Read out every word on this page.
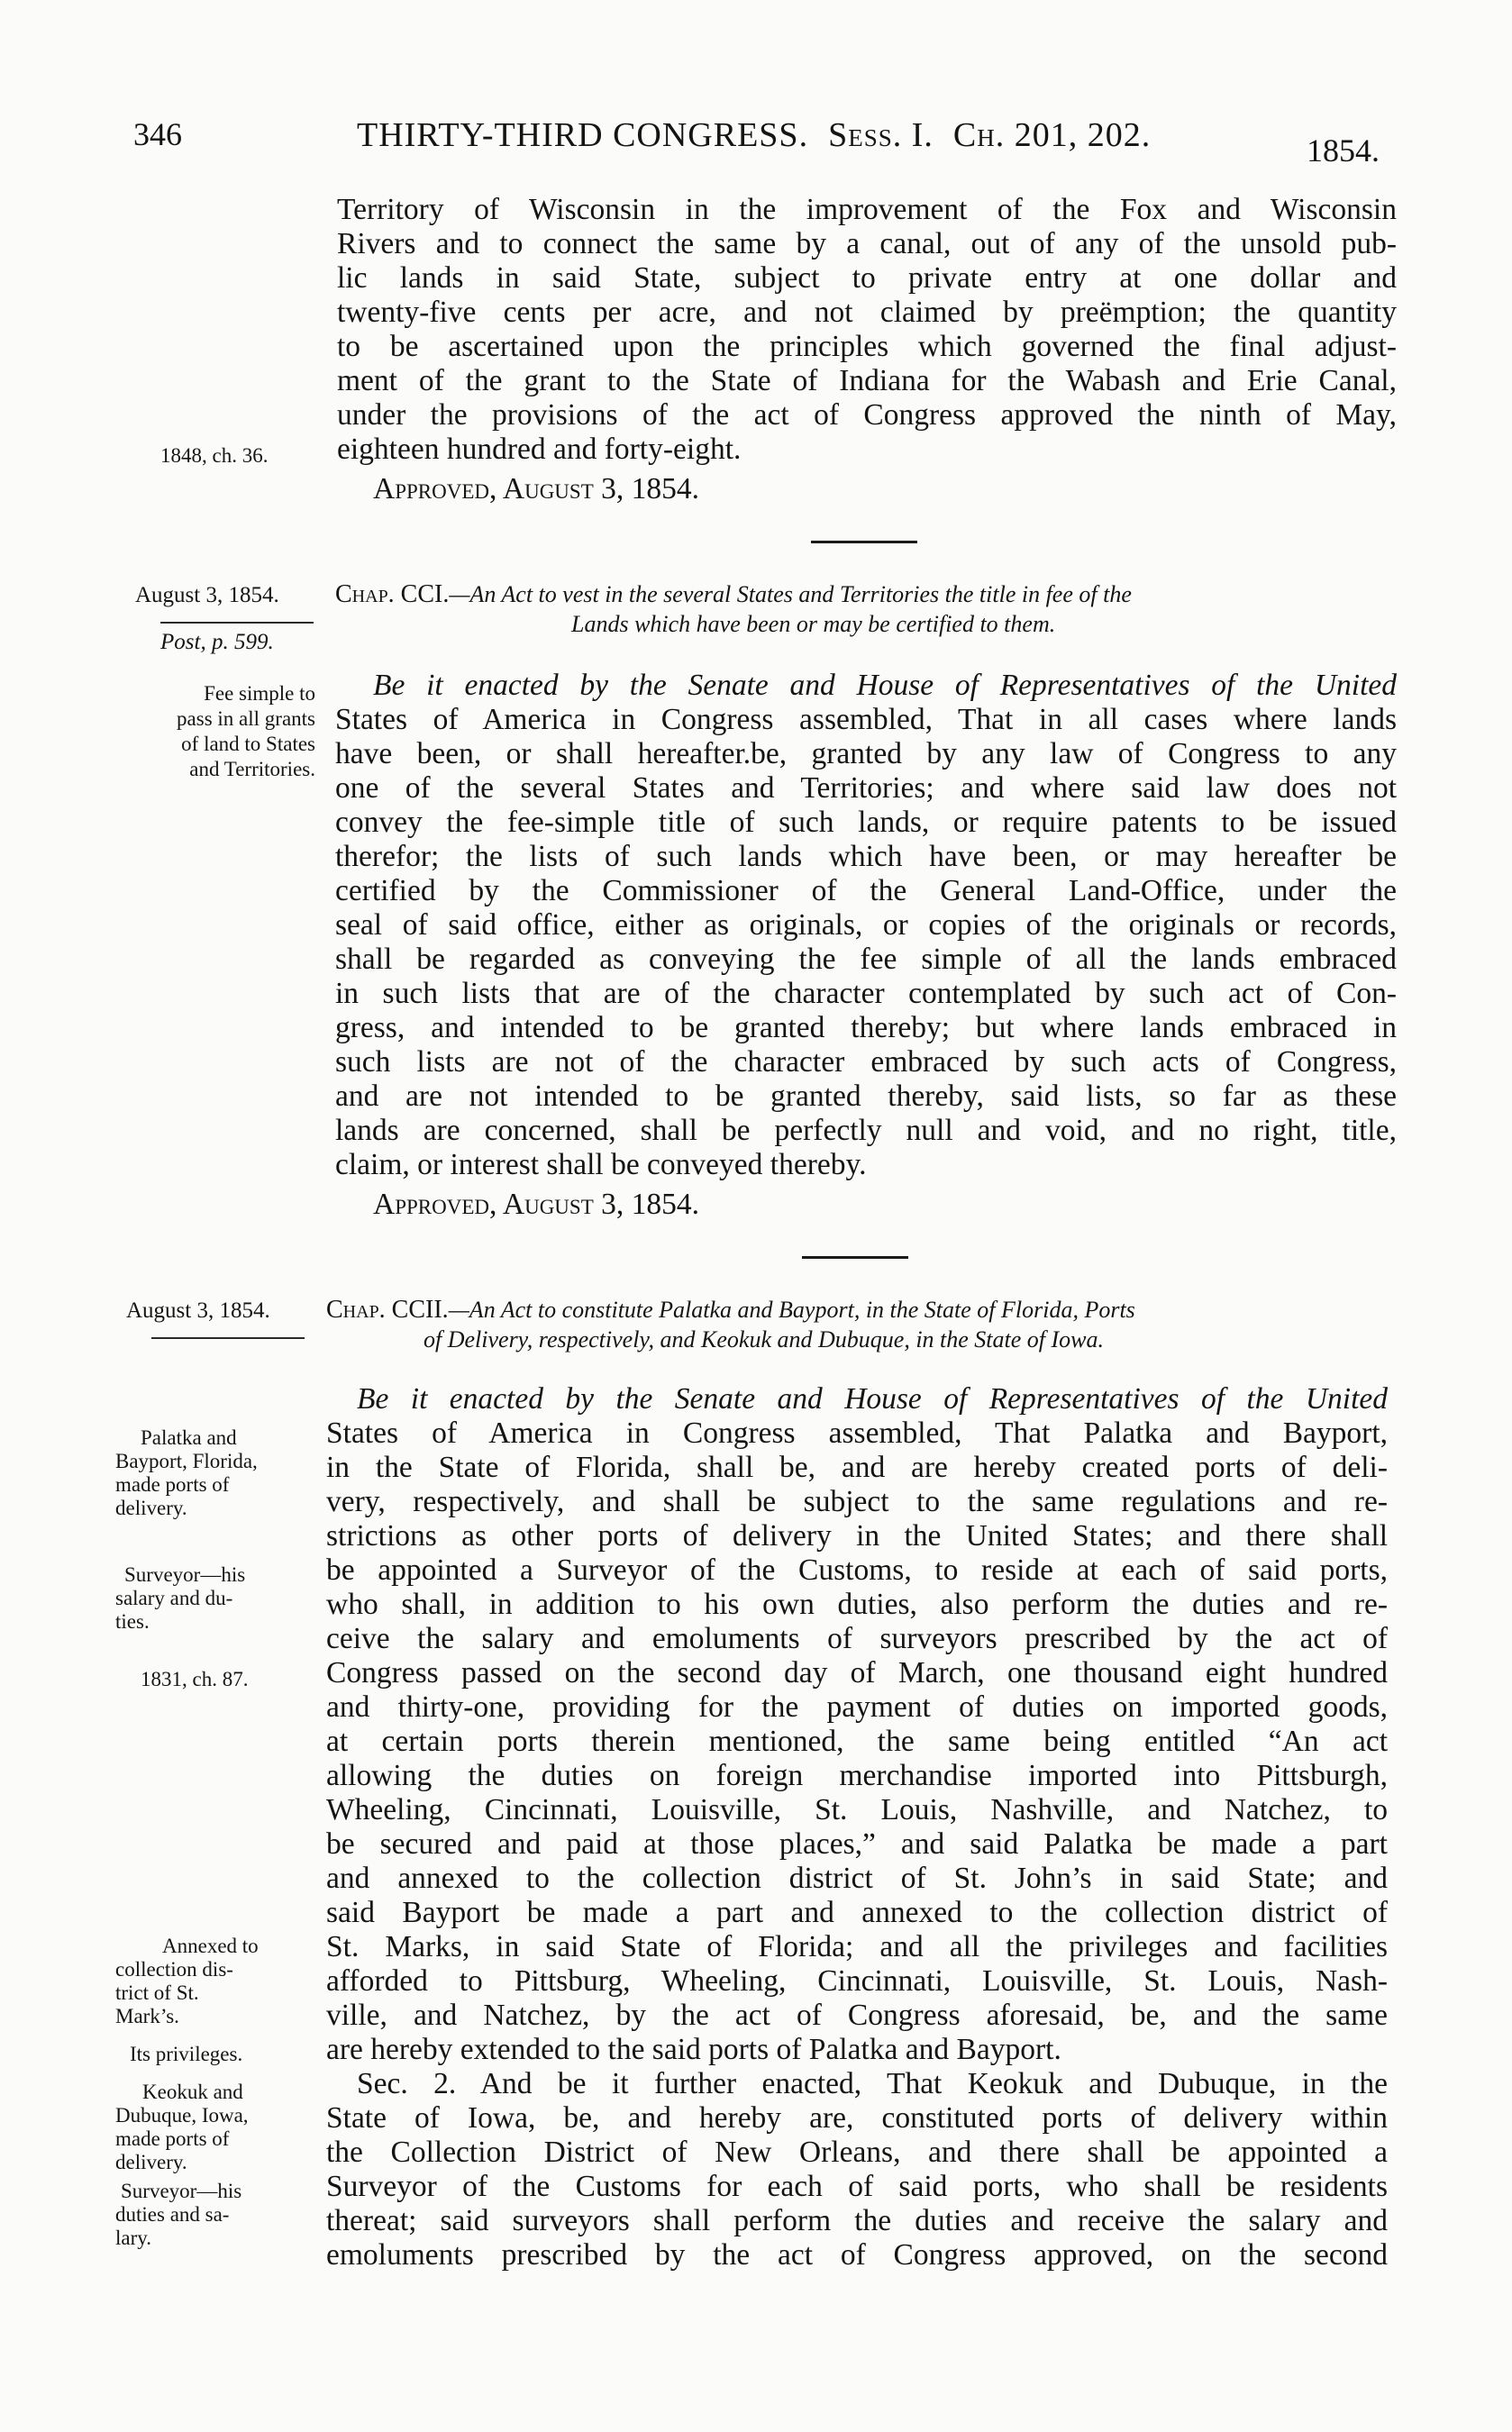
346	THIRTY-THIRD CONGRESS. Sess. I. Ch. 201, 202.	1854.
Territory of Wisconsin in the improvement of the Fox and Wisconsin
Rivers and to connect the same by a canal, out of any of the unsold pub-
lic lands in said State, subject to private entry at one dollar and
twenty-five cents per acre, and not claimed by preëmption; the quantity
to be ascertained upon the principles which governed the final adjust-
ment of the grant to the State of Indiana for the Wabash and Erie Canal,
under the provisions of the act of Congress approved the ninth of May,
eighteen hundred and forty-eight.
Approved, August 3, 1854.
1848, ch. 36.
August 3, 1854.
Post, p. 599.
Chap. CCI.—An Act to vest in the several States and Territories the title in fee of the
Lands which have been or may be certified to them.
Be it enacted by the Senate and House of Representatives of the United
States of America in Congress assembled, That in all cases where lands
have been, or shall hereafter.be, granted by any law of Congress to any
one of the several States and Territories; and where said law does not
convey the fee-simple title of such lands, or require patents to be issued
therefor; the lists of such lands which have been, or may hereafter be
certified by the Commissioner of the General Land-Office, under the
seal of said office, either as originals, or copies of the originals or records,
shall be regarded as conveying the fee simple of all the lands embraced
in such lists that are of the character contemplated by such act of Con-
gress, and intended to be granted thereby; but where lands embraced in
such lists are not of the character embraced by such acts of Congress,
and are not intended to be granted thereby, said lists, so far as these
lands are concerned, shall be perfectly null and void, and no right, title,
claim, or interest shall be conveyed thereby.
Approved, August 3, 1854.
Fee simple to
pass in all grants
of land to States
and Territories.
August 3, 1854. Chap. CCII.—An Act to constitute Palatka and Bayport, in the State of Florida, Ports
of Delivery, respectively, and Keokuk and Dubuque, in the State of Iowa.
Be it enacted by the Senate and House of Representatives of the United
States of America in Congress assembled, That Palatka and Bayport,
in the State of Florida, shall be, and are hereby created ports of deli-
very, respectively, and shall be subject to the same regulations and re-
strictions as other ports of delivery in the United States; and there shall
be appointed a Surveyor of the Customs, to reside at each of said ports,
who shall, in addition to his own duties, also perform the duties and re-
ceive the salary and emoluments of surveyors prescribed by the act of
Congress passed on the second day of March, one thousand eight hundred
and thirty-one, providing for the payment of duties on imported goods,
at certain ports therein mentioned, the same being entitled “An act
allowing the duties on foreign merchandise imported into Pittsburgh,
Wheeling, Cincinnati, Louisville, St. Louis, Nashville, and Natchez, to
be secured and paid at those places,” and said Palatka be made a part
and annexed to the collection district of St. John’s in said State; and
said Bayport be made a part and annexed to the collection district of
St. Marks, in said State of Florida; and all the privileges and facilities
afforded to Pittsburg, Wheeling, Cincinnati, Louisville, St. Louis, Nash-
ville, and Natchez, by the act of Congress aforesaid, be, and the same
are hereby extended to the said ports of Palatka and Bayport.
Sec. 2. And be it further enacted, That Keokuk and Dubuque, in the
State of Iowa, be, and hereby are, constituted ports of delivery within
the Collection District of New Orleans, and there shall be appointed a
Surveyor of the Customs for each of said ports, who shall be residents
thereat; said surveyors shall perform the duties and receive the salary and
emoluments prescribed by the act of Congress approved, on the second
Palatka and
Bayport, Florida,
made ports of
delivery.
Surveyor—his
salary and du-
ties.
1831, ch. 87.
Annexed to
collection dis-
trict of St.
Mark’s.
Its privileges.
Keokuk and
Dubuque, Iowa,
made ports of
delivery.
Surveyor—his
duties and sa-
lary.
